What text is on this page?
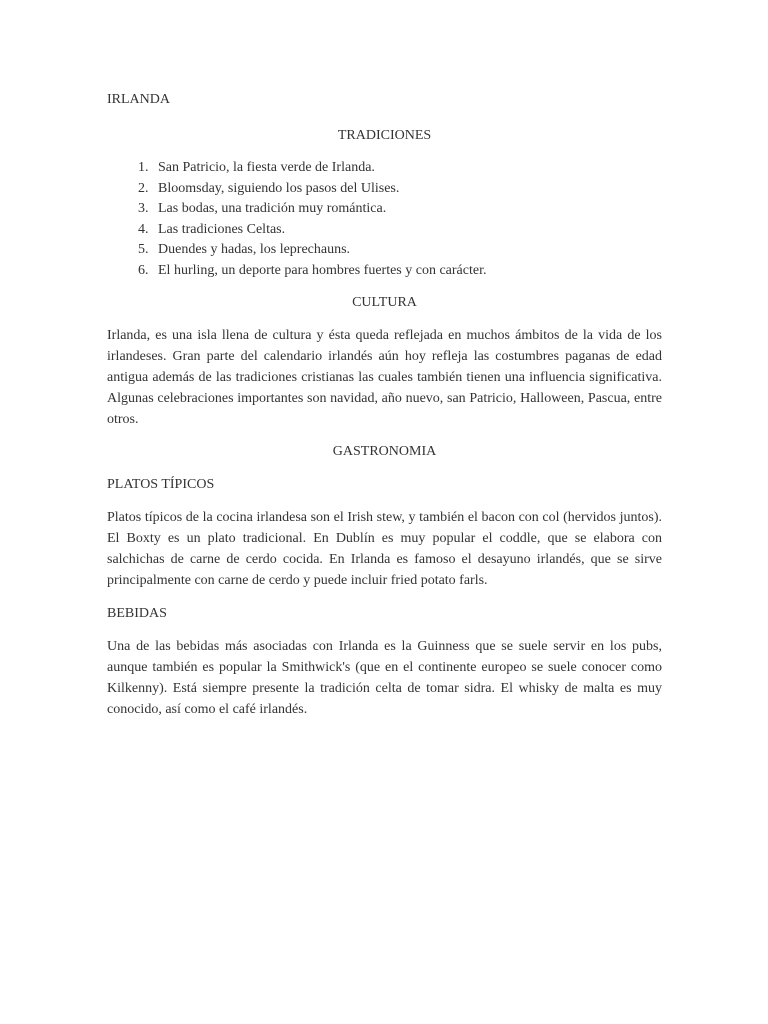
IRLANDA
TRADICIONES
1. San Patricio, la fiesta verde de Irlanda.
2. Bloomsday, siguiendo los pasos del Ulises.
3. Las bodas, una tradición muy romántica.
4. Las tradiciones Celtas.
5. Duendes y hadas, los leprechauns.
6. El hurling, un deporte para hombres fuertes y con carácter.
CULTURA

Irlanda, es una isla llena de cultura y ésta queda reflejada en muchos ámbitos de la vida de los irlandeses. Gran parte del calendario irlandés aún hoy refleja las costumbres paganas de edad antigua además de las tradiciones cristianas las cuales también tienen una influencia significativa. Algunas celebraciones importantes son navidad, año nuevo, san Patricio, Halloween, Pascua, entre otros.

GASTRONOMIA

PLATOS TÍPICOS

Platos típicos de la cocina irlandesa son el Irish stew, y también el bacon con col (hervidos juntos). El Boxty es un plato tradicional. En Dublín es muy popular el coddle, que se elabora con salchichas de carne de cerdo cocida. En Irlanda es famoso el desayuno irlandés, que se sirve principalmente con carne de cerdo y puede incluir fried potato farls.

BEBIDAS

Una de las bebidas más asociadas con Irlanda es la Guinness que se suele servir en los pubs, aunque también es popular la Smithwick's (que en el continente europeo se suele conocer como Kilkenny). Está siempre presente la tradición celta de tomar sidra. El whisky de malta es muy conocido, así como el café irlandés.
